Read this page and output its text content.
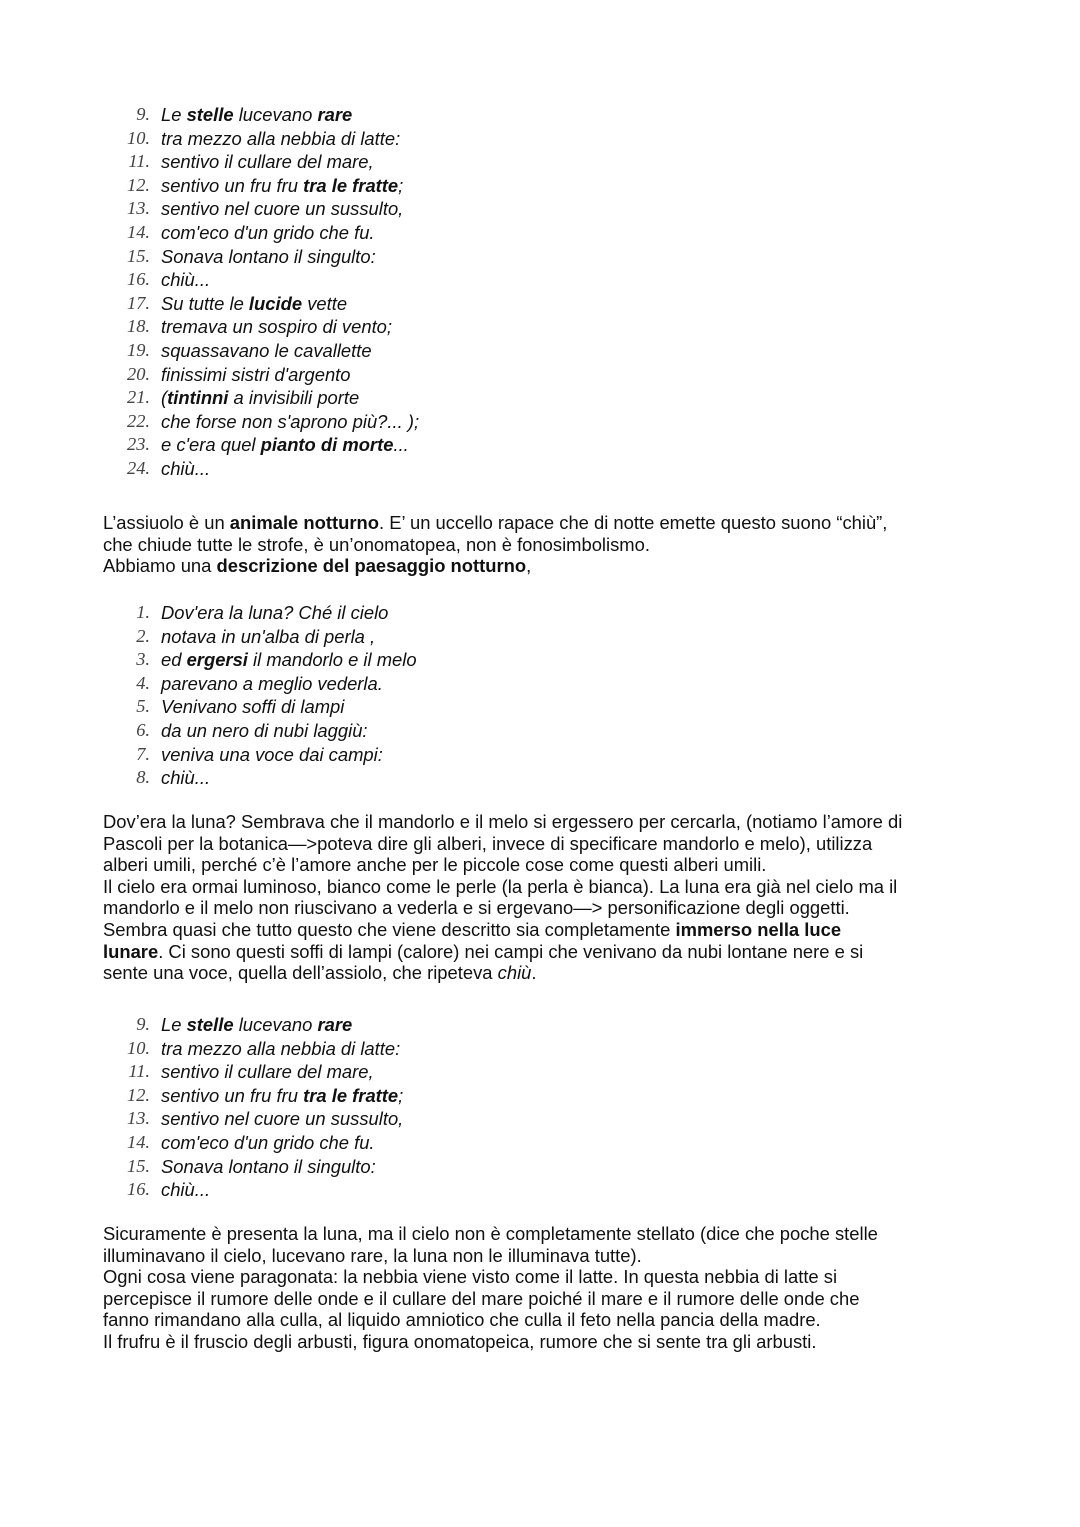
9. Le stelle lucevano rare
10. tra mezzo alla nebbia di latte:
11. sentivo il cullare del mare,
12. sentivo un fru fru tra le fratte;
13. sentivo nel cuore un sussulto,
14. com'eco d'un grido che fu.
15. Sonava lontano il singulto:
16. chiù...
17. Su tutte le lucide vette
18. tremava un sospiro di vento;
19. squassavano le cavallette
20. finissimi sistri d'argento
21. (tintinni a invisibili porte
22. che forse non s'aprono più?... );
23. e c'era quel pianto di morte...
24. chiù...

L’assiuolo è un animale notturno. E’ un uccello rapace che di notte emette questo suono “chiù”,
che chiude tutte le strofe, è un’onomatopea, non è fonosimbolismo.
Abbiamo una descrizione del paesaggio notturno,

1. Dov'era la luna? Ché il cielo
2. notava in un'alba di perla ,
3. ed ergersi il mandorlo e il melo
4. parevano a meglio vederla.
5. Venivano soffi di lampi
6. da un nero di nubi laggiù:
7. veniva una voce dai campi:
8. chiù...

Dov’era la luna? Sembrava che il mandorlo e il melo si ergessero per cercarla, (notiamo l’amore di
Pascoli per la botanica—>poteva dire gli alberi, invece di specificare mandorlo e melo), utilizza
alberi umili, perché c’è l’amore anche per le piccole cose come questi alberi umili.
Il cielo era ormai luminoso, bianco come le perle (la perla è bianca). La luna era già nel cielo ma il
mandorlo e il melo non riuscivano a vederla e si ergevano—> personificazione degli oggetti.
Sembra quasi che tutto questo che viene descritto sia completamente immerso nella luce
lunare. Ci sono questi soffi di lampi (calore) nei campi che venivano da nubi lontane nere e si
sente una voce, quella dell’assiolo, che ripeteva chiù.

9. Le stelle lucevano rare
10. tra mezzo alla nebbia di latte:
11. sentivo il cullare del mare,
12. sentivo un fru fru tra le fratte;
13. sentivo nel cuore un sussulto,
14. com'eco d'un grido che fu.
15. Sonava lontano il singulto:
16. chiù...

Sicuramente è presenta la luna, ma il cielo non è completamente stellato (dice che poche stelle
illuminavano il cielo, lucevano rare, la luna non le illuminava tutte).
Ogni cosa viene paragonata: la nebbia viene visto come il latte. In questa nebbia di latte si
percepisce il rumore delle onde e il cullare del mare poiché il mare e il rumore delle onde che
fanno rimandano alla culla, al liquido amniotico che culla il feto nella pancia della madre.
Il frufru è il fruscio degli arbusti, figura onomatopeica, rumore che si sente tra gli arbusti.
